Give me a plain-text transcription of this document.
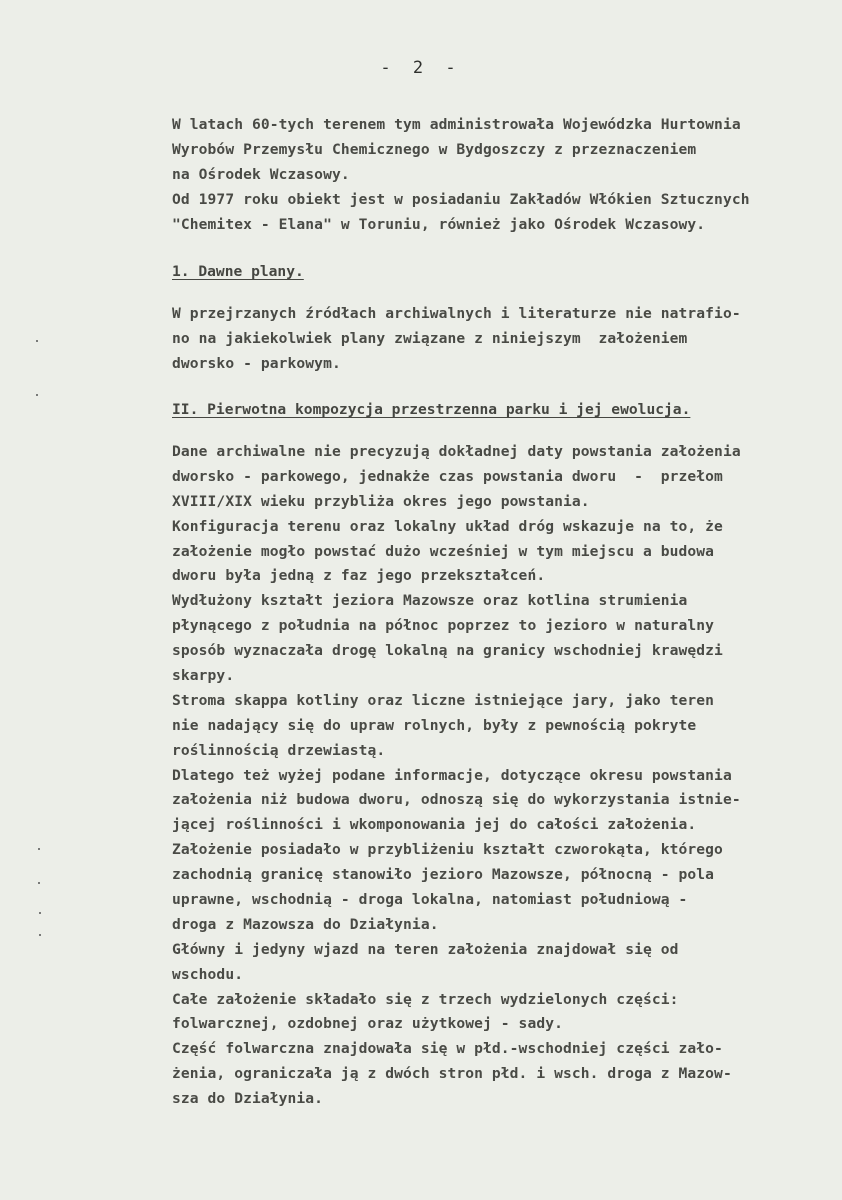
- 2 -
W latach 60-tych terenem tym administrowała Wojewódzka Hurtownia
Wyrobów Przemysłu Chemicznego w Bydgoszczy z przeznaczeniem
na Ośrodek Wczasowy.
Od 1977 roku obiekt jest w posiadaniu Zakładów Włókien Sztucznych
"Chemitex - Elana" w Toruniu, również jako Ośrodek Wczasowy.
1. Dawne plany.
W przejrzanych źródłach archiwalnych i literaturze nie natrafio-
no na jakiekolwiek plany związane z niniejszym  założeniem
dworsko - parkowym.
II. Pierwotna kompozycja przestrzenna parku i jej ewolucja.
Dane archiwalne nie precyzują dokładnej daty powstania założenia
dworsko - parkowego, jednakże czas powstania dworu  -  przełom
XVIII/XIX wieku przybliża okres jego powstania.
Konfiguracja terenu oraz lokalny układ dróg wskazuje na to, że
założenie mogło powstać dużo wcześniej w tym miejscu a budowa
dworu była jedną z faz jego przekształceń.
Wydłużony kształt jeziora Mazowsze oraz kotlina strumienia
płynącego z południa na północ poprzez to jezioro w naturalny
sposób wyznaczała drogę lokalną na granicy wschodniej krawędzi
skarpy.
Stroma skappa kotliny oraz liczne istniejące jary, jako teren
nie nadający się do upraw rolnych, były z pewnością pokryte
roślinnością drzewiastą.
Dlatego też wyżej podane informacje, dotyczące okresu powstania
założenia niż budowa dworu, odnoszą się do wykorzystania istnie-
jącej roślinności i wkomponowania jej do całości założenia.
Założenie posiadało w przybliżeniu kształt czworokąta, którego
zachodnią granicę stanowiło jezioro Mazowsze, północną - pola
uprawne, wschodnią - droga lokalna, natomiast południową -
droga z Mazowsza do Działynia.
Główny i jedyny wjazd na teren założenia znajdował się od
wschodu.
Całe założenie składało się z trzech wydzielonych części:
folwarcznej, ozdobnej oraz użytkowej - sady.
Część folwarczna znajdowała się w płd.-wschodniej części zało-
żenia, ograniczała ją z dwóch stron płd. i wsch. droga z Mazow-
sza do Działynia.
